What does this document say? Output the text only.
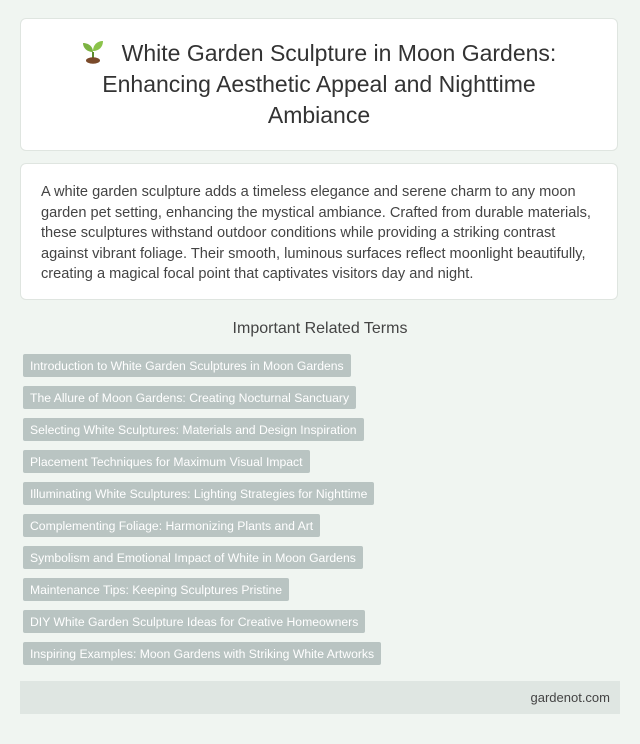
White Garden Sculpture in Moon Gardens: Enhancing Aesthetic Appeal and Nighttime Ambiance

A white garden sculpture adds a timeless elegance and serene charm to any moon garden pet setting, enhancing the mystical ambiance. Crafted from durable materials, these sculptures withstand outdoor conditions while providing a striking contrast against vibrant foliage. Their smooth, luminous surfaces reflect moonlight beautifully, creating a magical focal point that captivates visitors day and night.

Important Related Terms
Introduction to White Garden Sculptures in Moon Gardens
The Allure of Moon Gardens: Creating Nocturnal Sanctuary
Selecting White Sculptures: Materials and Design Inspiration
Placement Techniques for Maximum Visual Impact
Illuminating White Sculptures: Lighting Strategies for Nighttime
Complementing Foliage: Harmonizing Plants and Art
Symbolism and Emotional Impact of White in Moon Gardens
Maintenance Tips: Keeping Sculptures Pristine
DIY White Garden Sculpture Ideas for Creative Homeowners
Inspiring Examples: Moon Gardens with Striking White Artworks
gardenot.com
